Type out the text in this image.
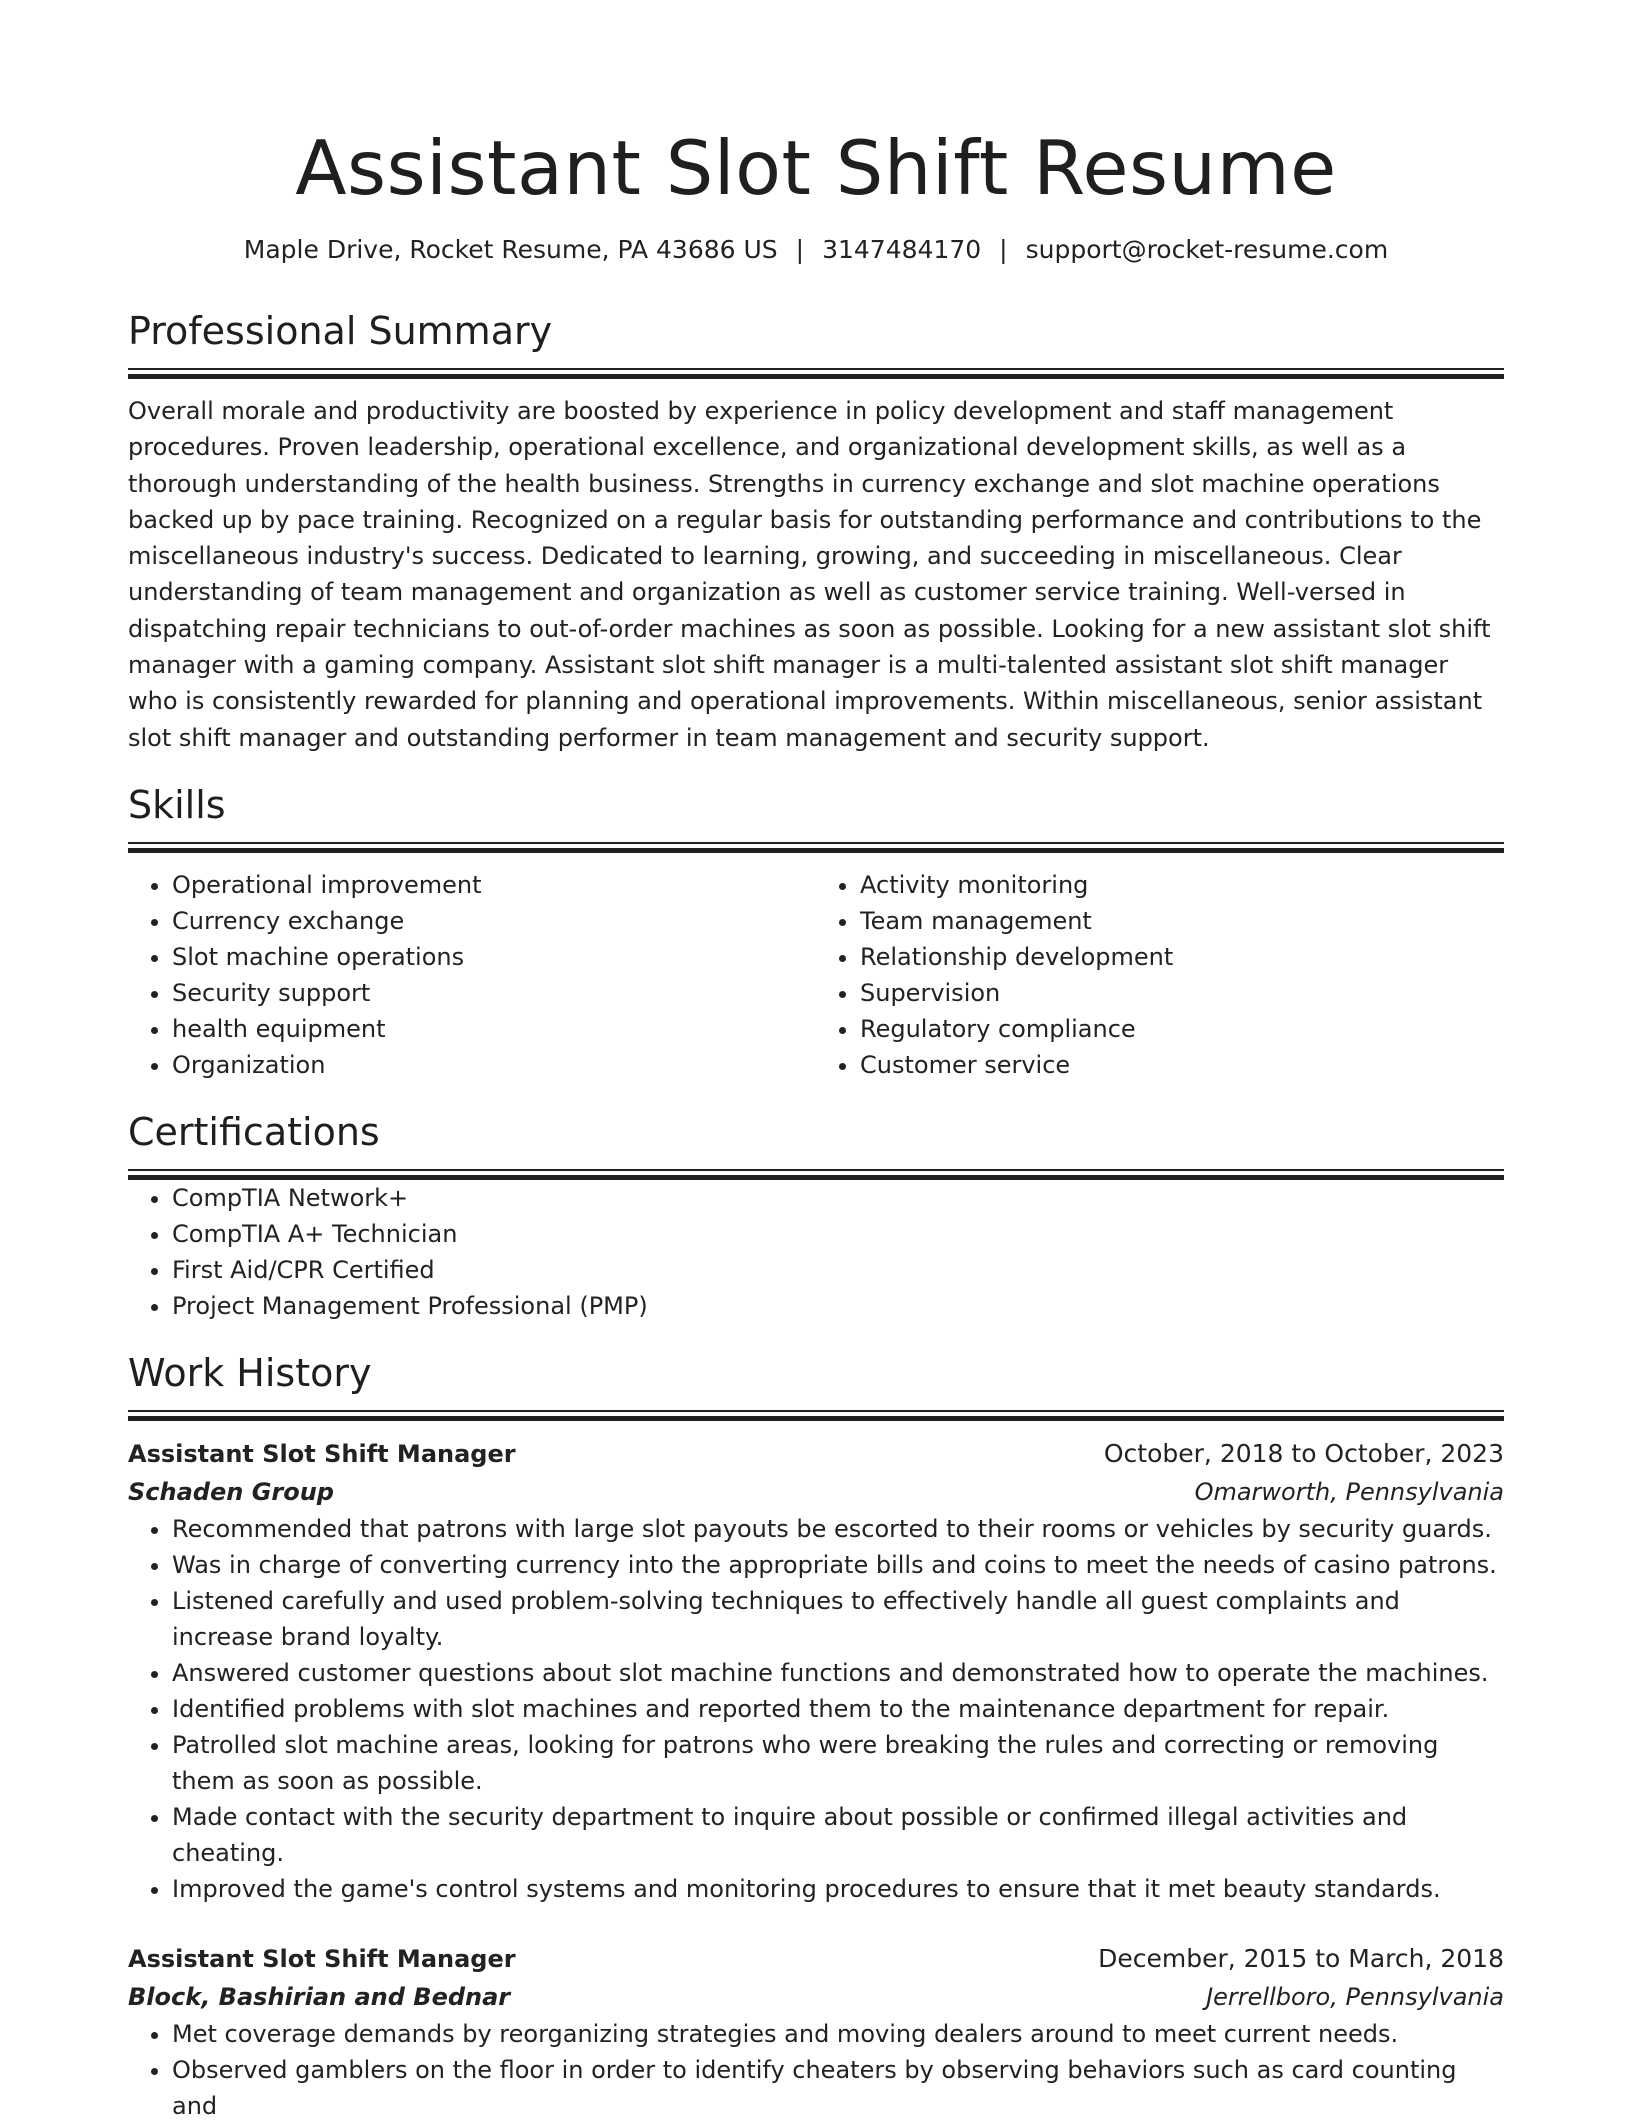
Assistant Slot Shift Resume
Maple Drive, Rocket Resume, PA 43686 US | 3147484170 | support@rocket-resume.com
Professional Summary

Overall morale and productivity are boosted by experience in policy development and staff management procedures. Proven leadership, operational excellence, and organizational development skills, as well as a thorough understanding of the health business. Strengths in currency exchange and slot machine operations backed up by pace training. Recognized on a regular basis for outstanding performance and contributions to the miscellaneous industry's success. Dedicated to learning, growing, and succeeding in miscellaneous. Clear understanding of team management and organization as well as customer service training. Well-versed in dispatching repair technicians to out-of-order machines as soon as possible. Looking for a new assistant slot shift manager with a gaming company. Assistant slot shift manager is a multi-talented assistant slot shift manager who is consistently rewarded for planning and operational improvements. Within miscellaneous, senior assistant slot shift manager and outstanding performer in team management and security support.

Skills
• Operational improvement
• Currency exchange
• Slot machine operations
• Security support
• health equipment
• Organization
• Activity monitoring
• Team management
• Relationship development
• Supervision
• Regulatory compliance
• Customer service
Certifications
• CompTIA Network+
• CompTIA A+ Technician
• First Aid/CPR Certified
• Project Management Professional (PMP)
Work History
Assistant Slot Shift Manager	October, 2018 to October, 2023
Schaden Group	Omarworth, Pennsylvania
• Recommended that patrons with large slot payouts be escorted to their rooms or vehicles by security guards.
• Was in charge of converting currency into the appropriate bills and coins to meet the needs of casino patrons.
• Listened carefully and used problem-solving techniques to effectively handle all guest complaints and increase brand loyalty.
• Answered customer questions about slot machine functions and demonstrated how to operate the machines.
• Identified problems with slot machines and reported them to the maintenance department for repair.
• Patrolled slot machine areas, looking for patrons who were breaking the rules and correcting or removing them as soon as possible.
• Made contact with the security department to inquire about possible or confirmed illegal activities and cheating.
• Improved the game's control systems and monitoring procedures to ensure that it met beauty standards.
Assistant Slot Shift Manager	December, 2015 to March, 2018
Block, Bashirian and Bednar	Jerrellboro, Pennsylvania
• Met coverage demands by reorganizing strategies and moving dealers around to meet current needs.
• Observed gamblers on the floor in order to identify cheaters by observing behaviors such as card counting and
